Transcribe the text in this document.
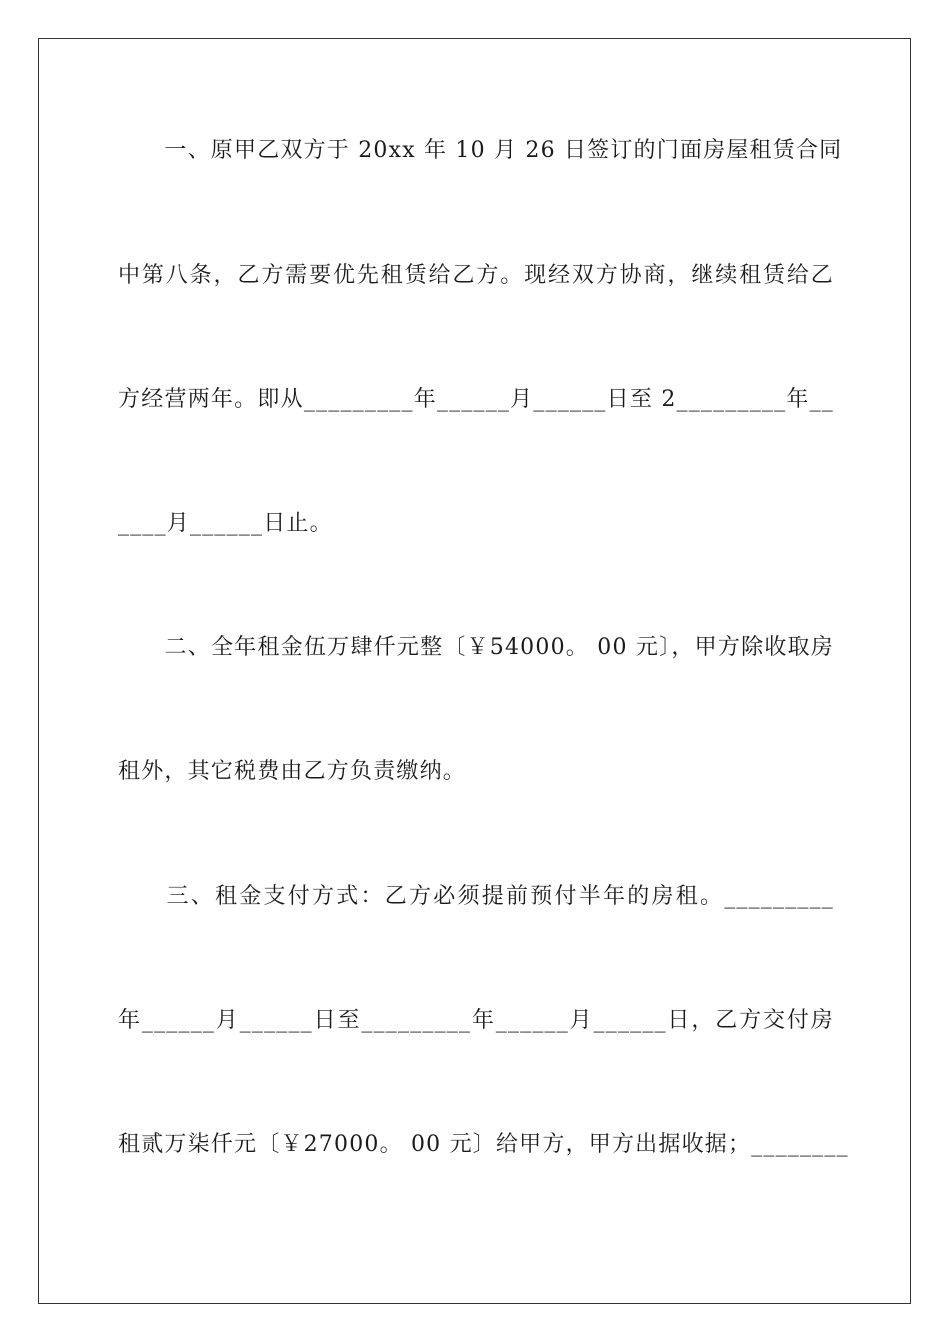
　　一、原甲乙双方于 20xx 年 10 月 26 日签订的门面房屋租赁合同
中第八条，乙方需要优先租赁给乙方。现经双方协商，继续租赁给乙
方经营两年。即从_________年______月______日至 2_________年__
____月______日止。
　　二、全年租金伍万肆仟元整〔￥54000。 00 元〕，甲方除收取房
租外，其它税费由乙方负责缴纳。
　　三、租金支付方式：乙方必须提前预付半年的房租。_________
年______月______日至_________年______月______日，乙方交付房
租贰万柒仟元〔￥27000。 00 元〕给甲方，甲方出据收据；________
